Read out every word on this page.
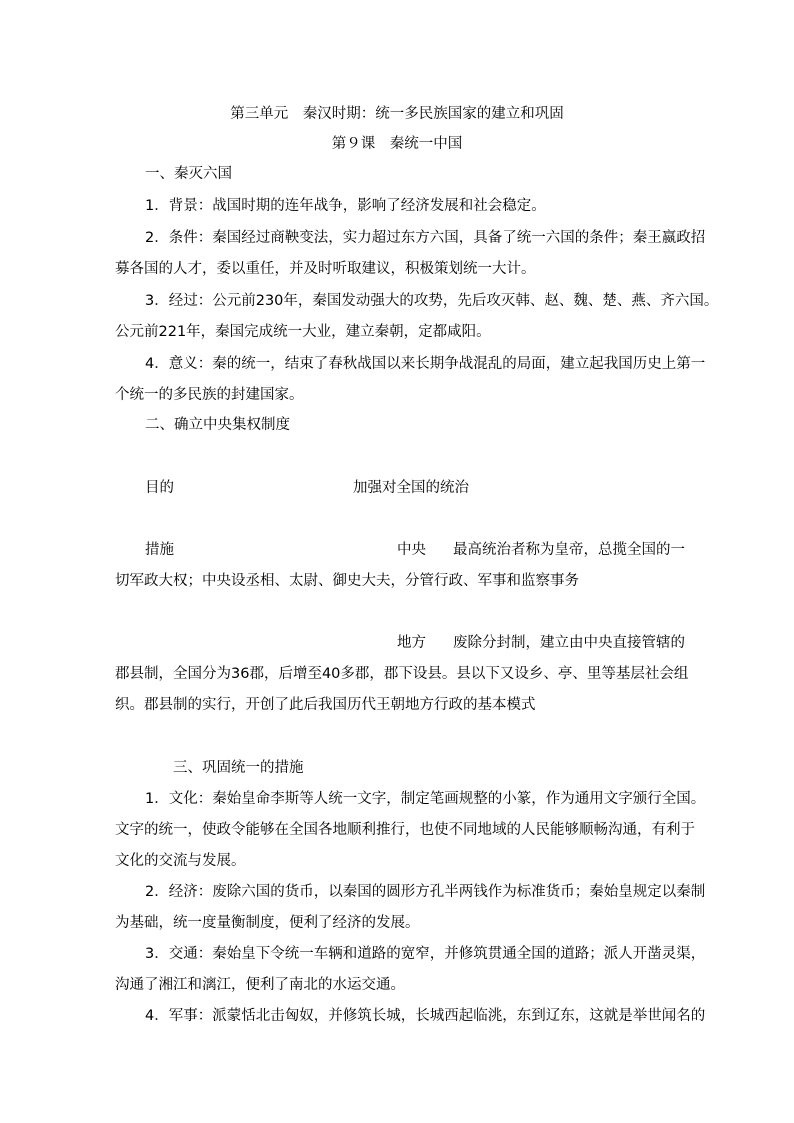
第三单元　秦汉时期：统一多民族国家的建立和巩固
第９课　秦统一中国
一、秦灭六国
1．背景：战国时期的连年战争，影响了经济发展和社会稳定。
2．条件：秦国经过商鞅变法，实力超过东方六国，具备了统一六国的条件；秦王嬴政招
募各国的人才，委以重任，并及时听取建议，积极策划统一大计。
3．经过：公元前230年，秦国发动强大的攻势，先后攻灭韩、赵、魏、楚、燕、齐六国。
公元前221年，秦国完成统一大业，建立秦朝，定都咸阳。
4．意义：秦的统一，结束了春秋战国以来长期争战混乱的局面，建立起我国历史上第一
个统一的多民族的封建国家。
二、确立中央集权制度
目的	加强对全国的统治
措施	中央 最高统治者称为皇帝，总揽全国的一
切军政大权；中央设丞相、太尉、御史大夫，分管行政、军事和监察事务
地方 废除分封制，建立由中央直接管辖的
郡县制，全国分为36郡，后增至40多郡，郡下设县。县以下又设乡、亭、里等基层社会组
织。郡县制的实行，开创了此后我国历代王朝地方行政的基本模式
三、巩固统一的措施
1．文化：秦始皇命李斯等人统一文字，制定笔画规整的小篆，作为通用文字颁行全国。
文字的统一，使政令能够在全国各地顺利推行，也使不同地域的人民能够顺畅沟通，有利于
文化的交流与发展。
2．经济：废除六国的货币，以秦国的圆形方孔半两钱作为标准货币；秦始皇规定以秦制
为基础，统一度量衡制度，便利了经济的发展。
3．交通：秦始皇下令统一车辆和道路的宽窄，并修筑贯通全国的道路；派人开凿灵渠，
沟通了湘江和漓江，便利了南北的水运交通。
4．军事：派蒙恬北击匈奴，并修筑长城，长城西起临洮，东到辽东，这就是举世闻名的
